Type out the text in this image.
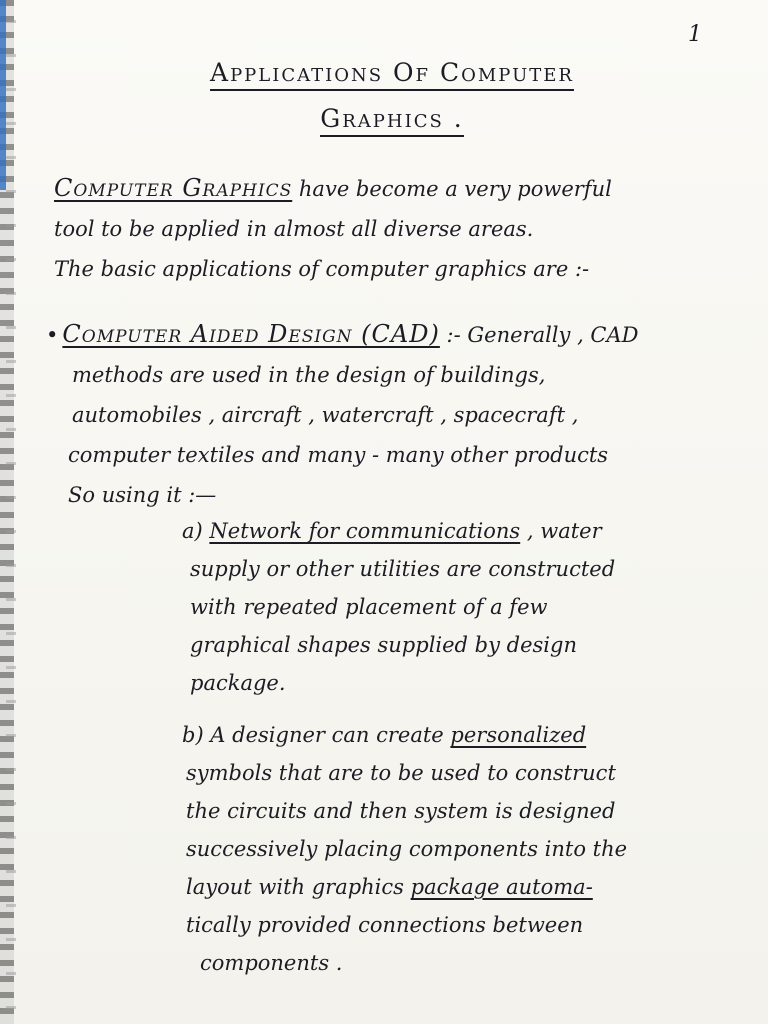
1
Applications Of Computer
Graphics .
Computer Graphics have become a very powerful
tool to be applied in almost all diverse areas.
The basic applications of computer graphics are :-
• Computer Aided Design (CAD) :- Generally , CAD
methods are used in the design of buildings,
automobiles , aircraft , watercraft , spacecraft ,
computer textiles and many - many other products
So using it :—
a) Network for communications , water
supply or other utilities are constructed
with repeated placement of a few
graphical shapes supplied by design
package.
b) A designer can create personalized
symbols that are to be used to construct
the circuits and then system is designed
successively placing components into the
layout with graphics package automa-
tically provided connections between
components .
